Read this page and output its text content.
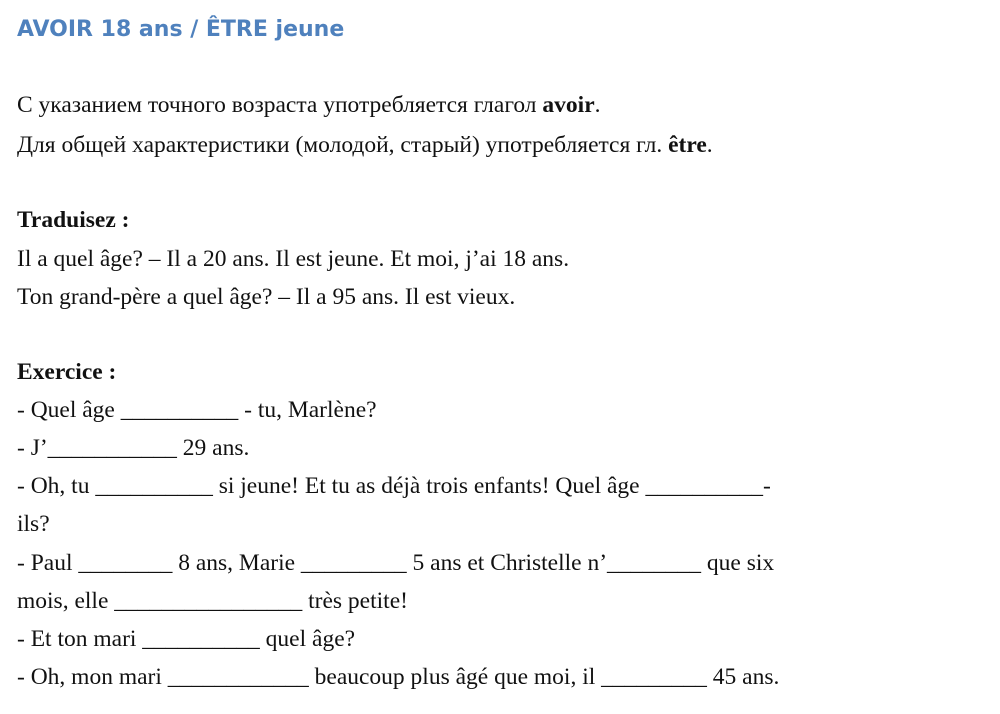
AVOIR 18 ans / ÊTRE jeune
С указанием точного возраста употребляется глагол avoir.
Для общей характеристики (молодой, старый) употребляется гл. être.
Traduisez :
Il a quel âge? – Il a 20 ans. Il est jeune. Et moi, j’ai 18 ans.
Ton grand-père a quel âge? – Il a 95 ans. Il est vieux.
Exercice :
- Quel âge __________ - tu, Marlène?
- J’___________ 29 ans.
- Oh, tu __________ si jeune! Et tu as déjà trois enfants! Quel âge __________-
ils?
- Paul ________ 8 ans, Marie _________ 5 ans et Christelle n’________ que six
mois, elle ________________ très petite!
- Et ton mari __________ quel âge?
- Oh, mon mari ____________ beaucoup plus âgé que moi, il _________ 45 ans.
